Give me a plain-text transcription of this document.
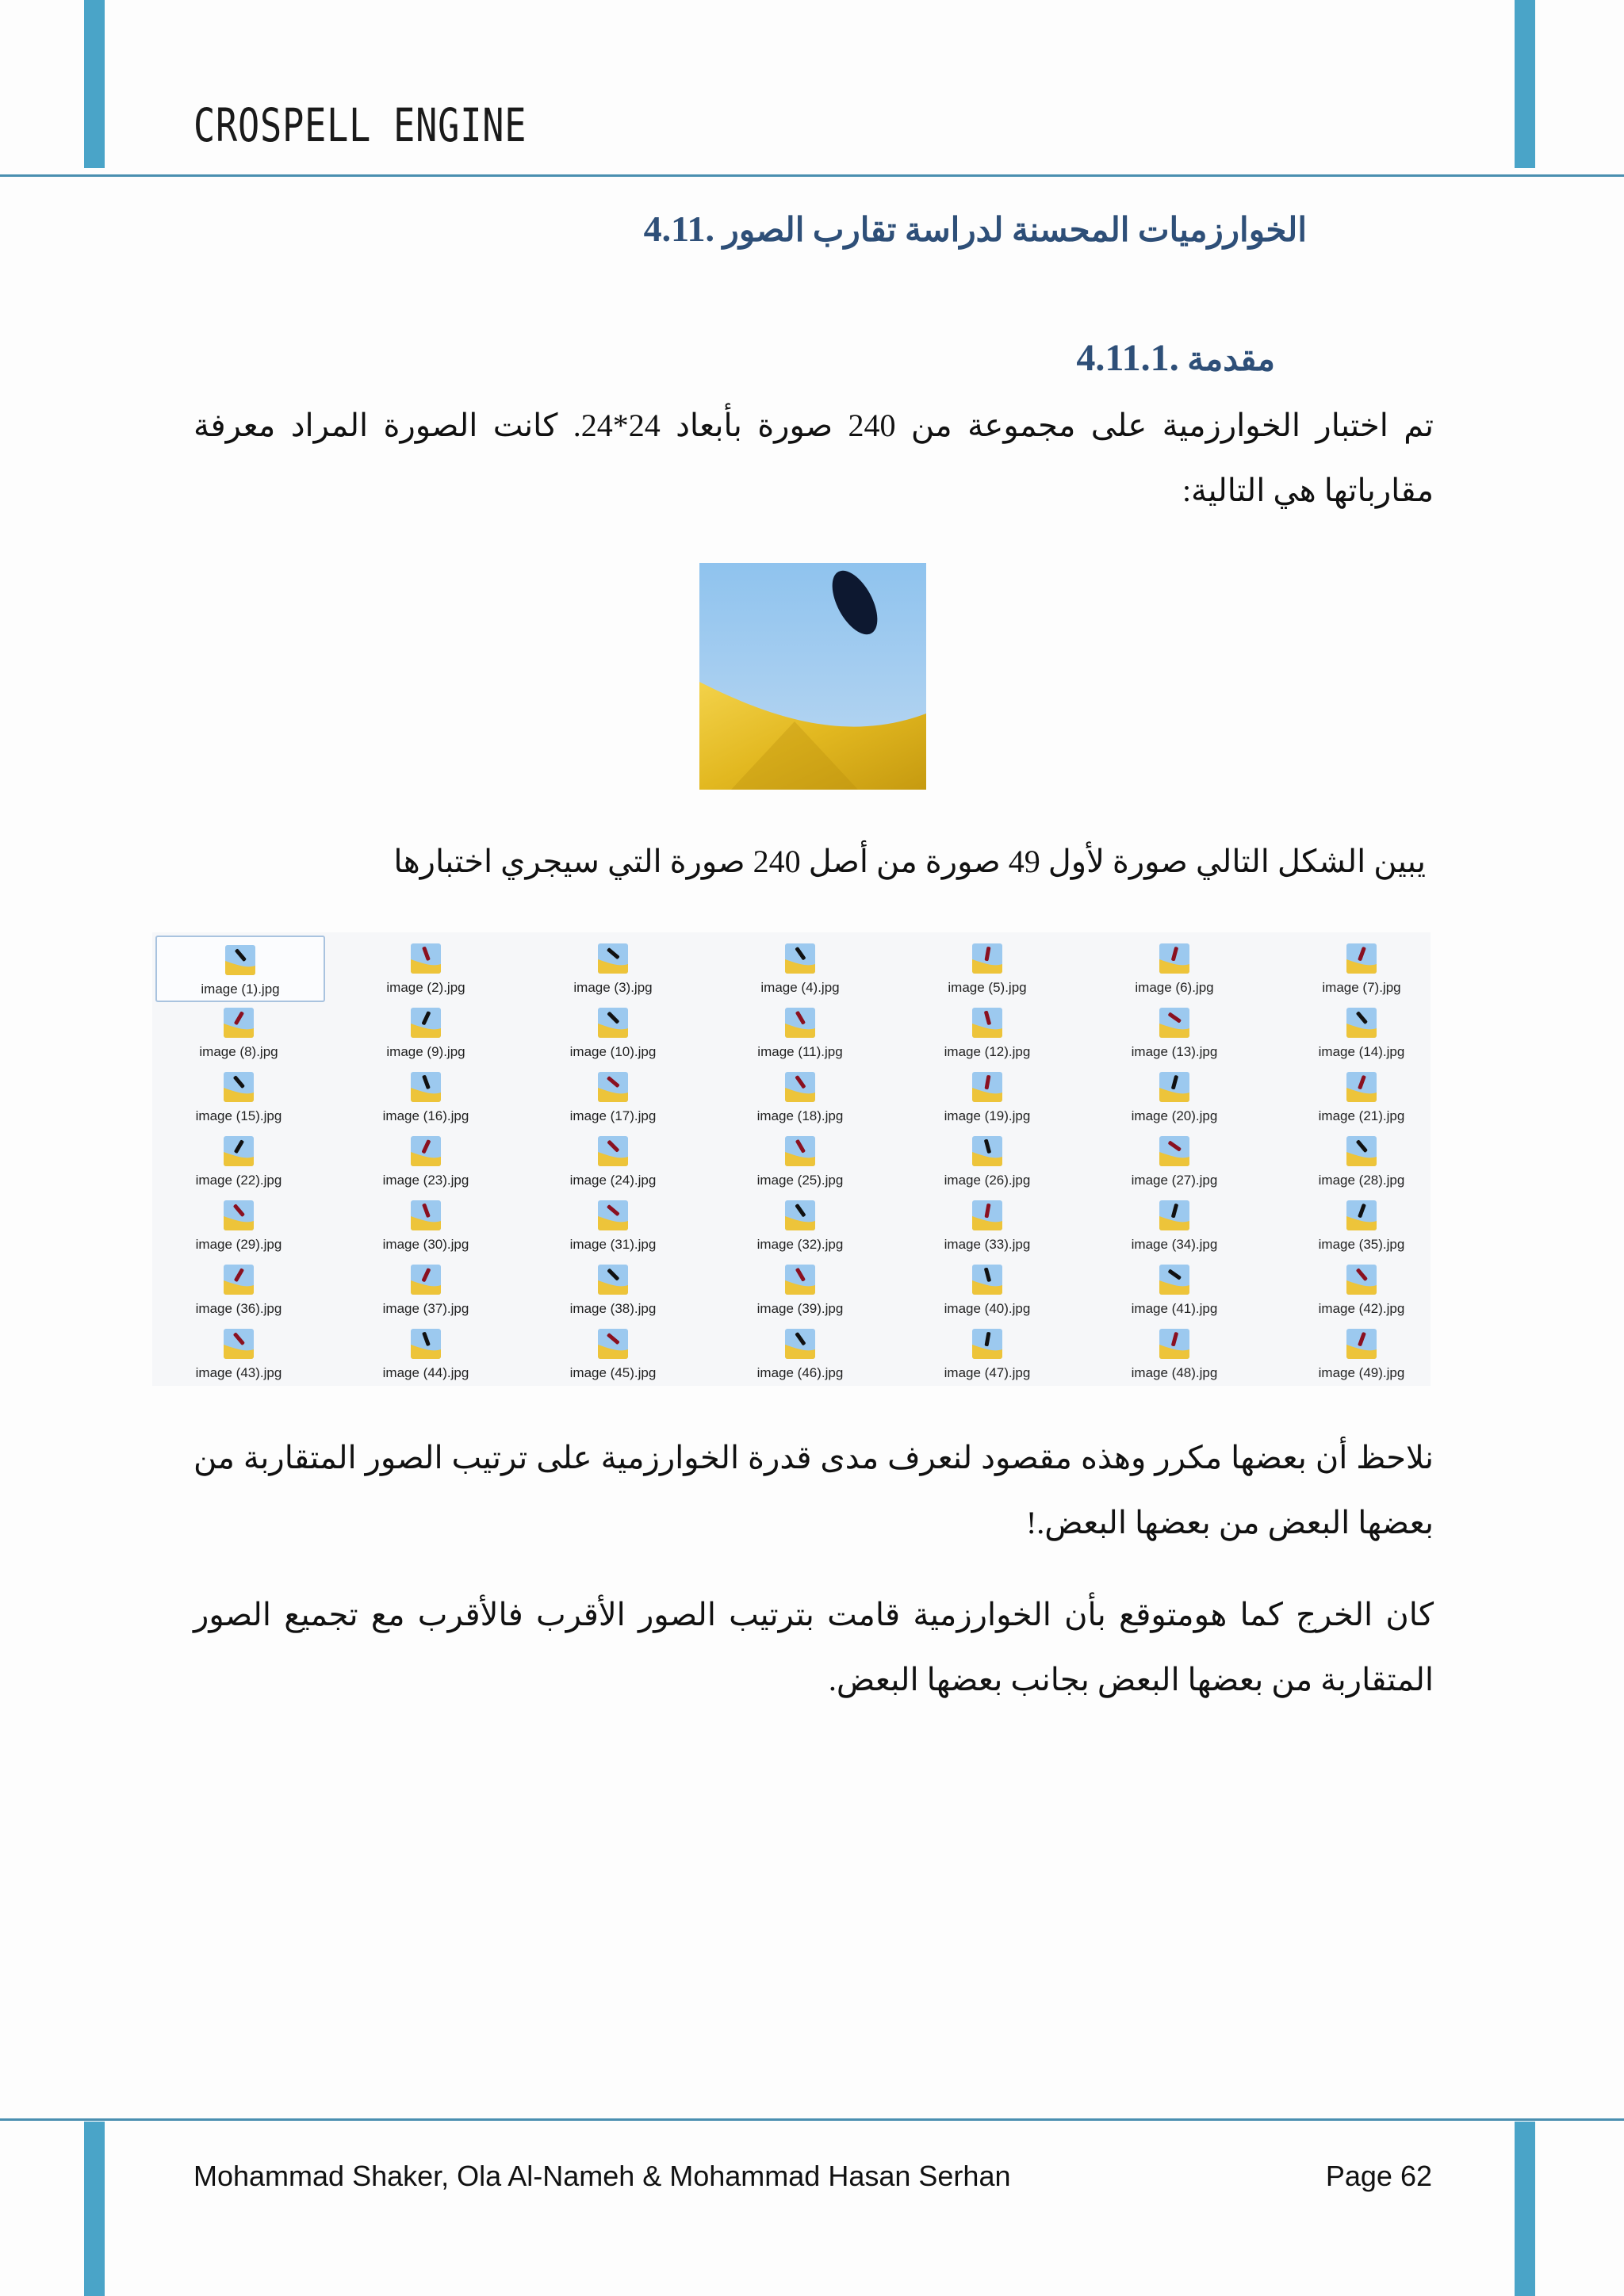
CROSPELL ENGINE
الخوارزميات المحسنة لدراسة تقارب الصور .4.11
مقدمة .4.11.1
تم اختبار الخوارزمية على مجموعة من 240 صورة بأبعاد 24*24. كانت الصورة المراد معرفة مقارباتها هي التالية:
يبين الشكل التالي صورة لأول 49 صورة من أصل 240 صورة التي سيجري اختبارها
image (1).jpg	image (2).jpg	image (3).jpg	image (4).jpg	image (5).jpg	image (6).jpg	image (7).jpg
image (8).jpg	image (9).jpg	image (10).jpg	image (11).jpg	image (12).jpg	image (13).jpg	image (14).jpg
image (15).jpg	image (16).jpg	image (17).jpg	image (18).jpg	image (19).jpg	image (20).jpg	image (21).jpg
image (22).jpg	image (23).jpg	image (24).jpg	image (25).jpg	image (26).jpg	image (27).jpg	image (28).jpg
image (29).jpg	image (30).jpg	image (31).jpg	image (32).jpg	image (33).jpg	image (34).jpg	image (35).jpg
image (36).jpg	image (37).jpg	image (38).jpg	image (39).jpg	image (40).jpg	image (41).jpg	image (42).jpg
image (43).jpg	image (44).jpg	image (45).jpg	image (46).jpg	image (47).jpg	image (48).jpg	image (49).jpg
نلاحظ أن بعضها مكرر وهذه مقصود لنعرف مدى قدرة الخوارزمية على ترتيب الصور المتقاربة من بعضها البعض من بعضها البعض.!
كان الخرج كما هومتوقع بأن الخوارزمية قامت بترتيب الصور الأقرب فالأقرب مع تجميع الصور المتقاربة من بعضها البعض بجانب بعضها البعض.
Mohammad Shaker, Ola Al-Nameh & Mohammad Hasan Serhan	Page 62
